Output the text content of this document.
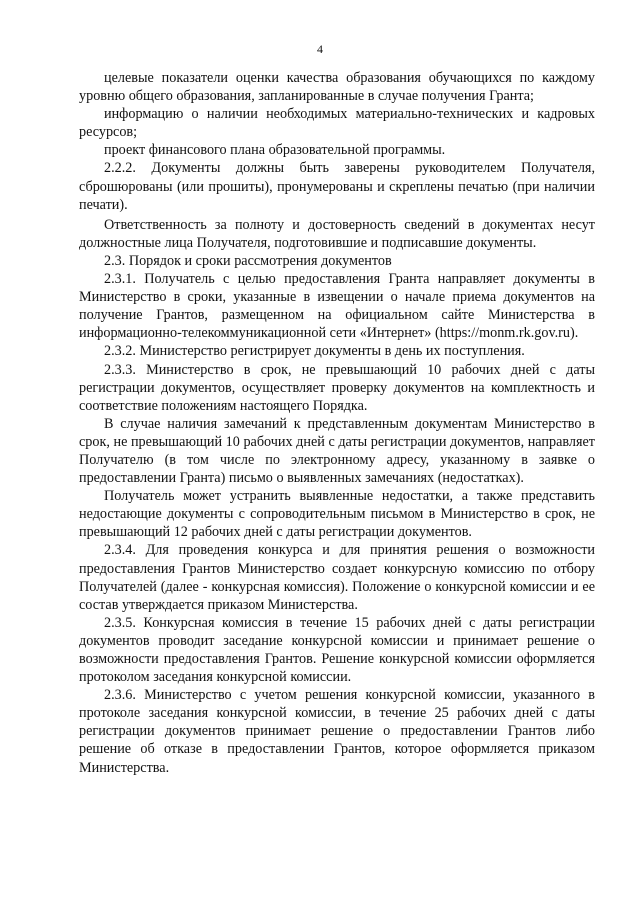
4

целевые показатели оценки качества образования обучающихся по каждому уровню общего образования, запланированные в случае получения Гранта;

информацию о наличии необходимых материально-технических и кадровых ресурсов;

проект финансового плана образовательной программы.

2.2.2. Документы должны быть заверены руководителем Получателя, сброшюрованы (или прошиты), пронумерованы и скреплены печатью (при наличии печати).

Ответственность за полноту и достоверность сведений в документах несут должностные лица Получателя, подготовившие и подписавшие документы.

2.3. Порядок и сроки рассмотрения документов

2.3.1. Получатель с целью предоставления Гранта направляет документы в Министерство в сроки, указанные в извещении о начале приема документов на получение Грантов, размещенном на официальном сайте Министерства в информационно-телекоммуникационной сети «Интернет» (https://monm.rk.gov.ru).

2.3.2. Министерство регистрирует документы в день их поступления.

2.3.3. Министерство в срок, не превышающий 10 рабочих дней с даты регистрации документов, осуществляет проверку документов на комплектность и соответствие положениям настоящего Порядка.

В случае наличия замечаний к представленным документам Министерство в срок, не превышающий 10 рабочих дней с даты регистрации документов, направляет Получателю (в том числе по электронному адресу, указанному в заявке о предоставлении Гранта) письмо о выявленных замечаниях (недостатках).

Получатель может устранить выявленные недостатки, а также представить недостающие документы с сопроводительным письмом в Министерство в срок, не превышающий 12 рабочих дней с даты регистрации документов.

2.3.4. Для проведения конкурса и для принятия решения о возможности предоставления Грантов Министерство создает конкурсную комиссию по отбору Получателей (далее - конкурсная комиссия). Положение о конкурсной комиссии и ее состав утверждается приказом Министерства.

2.3.5. Конкурсная комиссия в течение 15 рабочих дней с даты регистрации документов проводит заседание конкурсной комиссии и принимает решение о возможности предоставления Грантов. Решение конкурсной комиссии оформляется протоколом заседания конкурсной комиссии.

2.3.6. Министерство с учетом решения конкурсной комиссии, указанного в протоколе заседания конкурсной комиссии, в течение 25 рабочих дней с даты регистрации документов принимает решение о предоставлении Грантов либо решение об отказе в предоставлении Грантов, которое оформляется приказом Министерства.
